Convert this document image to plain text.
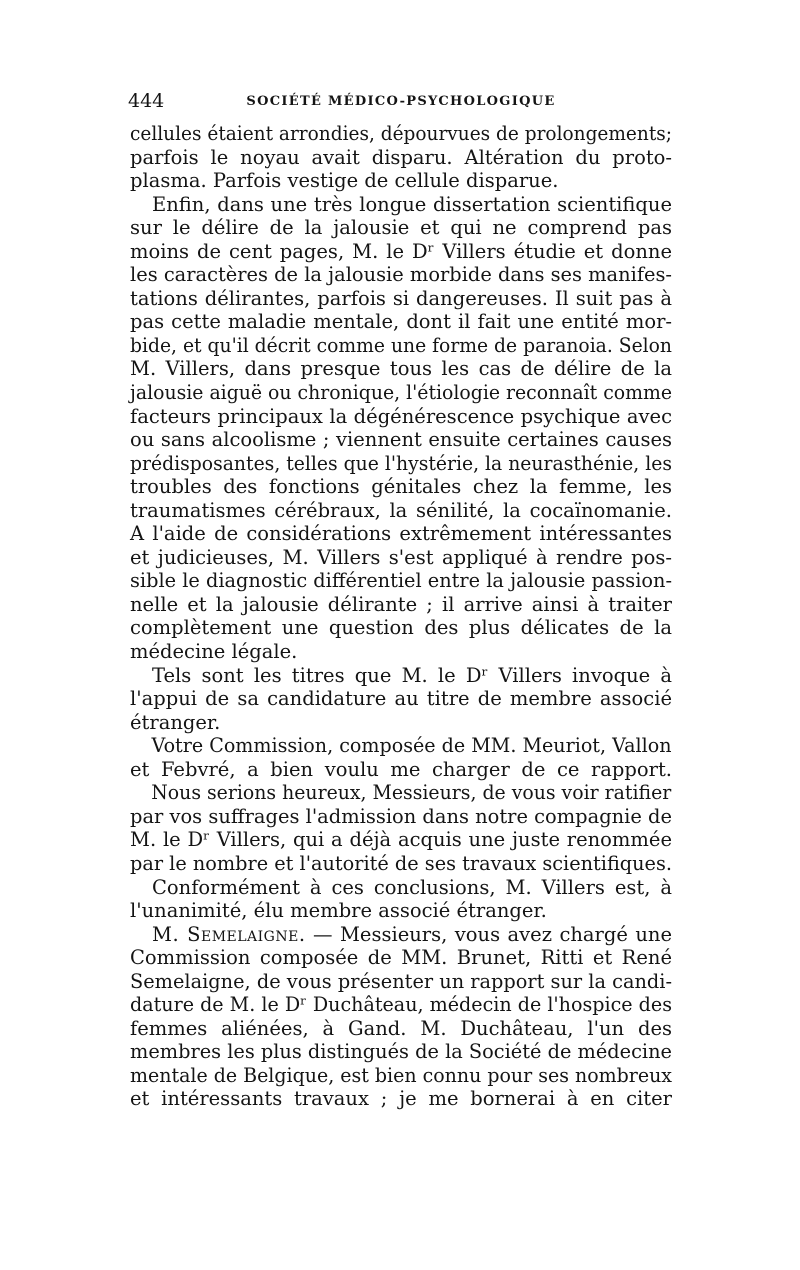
444	SOCIÉTÉ MÉDICO-PSYCHOLOGIQUE
cellules étaient arrondies, dépourvues de prolongements;
parfois le noyau avait disparu. Altération du proto-
plasma. Parfois vestige de cellule disparue.
Enfin, dans une très longue dissertation scientifique
sur le délire de la jalousie et qui ne comprend pas
moins de cent pages, M. le Dʳ Villers étudie et donne
les caractères de la jalousie morbide dans ses manifes-
tations délirantes, parfois si dangereuses. Il suit pas à
pas cette maladie mentale, dont il fait une entité mor-
bide, et qu'il décrit comme une forme de paranoia. Selon
M. Villers, dans presque tous les cas de délire de la
jalousie aiguë ou chronique, l'étiologie reconnaît comme
facteurs principaux la dégénérescence psychique avec
ou sans alcoolisme ; viennent ensuite certaines causes
prédisposantes, telles que l'hystérie, la neurasthénie, les
troubles des fonctions génitales chez la femme, les
traumatismes cérébraux, la sénilité, la cocaïnomanie.
A l'aide de considérations extrêmement intéressantes
et judicieuses, M. Villers s'est appliqué à rendre pos-
sible le diagnostic différentiel entre la jalousie passion-
nelle et la jalousie délirante ; il arrive ainsi à traiter
complètement une question des plus délicates de la
médecine légale.
Tels sont les titres que M. le Dʳ Villers invoque à
l'appui de sa candidature au titre de membre associé
étranger.
Votre Commission, composée de MM. Meuriot, Vallon
et Febvré, a bien voulu me charger de ce rapport.
Nous serions heureux, Messieurs, de vous voir ratifier
par vos suffrages l'admission dans notre compagnie de
M. le Dʳ Villers, qui a déjà acquis une juste renommée
par le nombre et l'autorité de ses travaux scientifiques.
Conformément à ces conclusions, M. Villers est, à
l'unanimité, élu membre associé étranger.
M. Semelaigne. — Messieurs, vous avez chargé une
Commission composée de MM. Brunet, Ritti et René
Semelaigne, de vous présenter un rapport sur la candi-
dature de M. le Dʳ Duchâteau, médecin de l'hospice des
femmes aliénées, à Gand. M. Duchâteau, l'un des
membres les plus distingués de la Société de médecine
mentale de Belgique, est bien connu pour ses nombreux
et intéressants travaux ; je me bornerai à en citer
